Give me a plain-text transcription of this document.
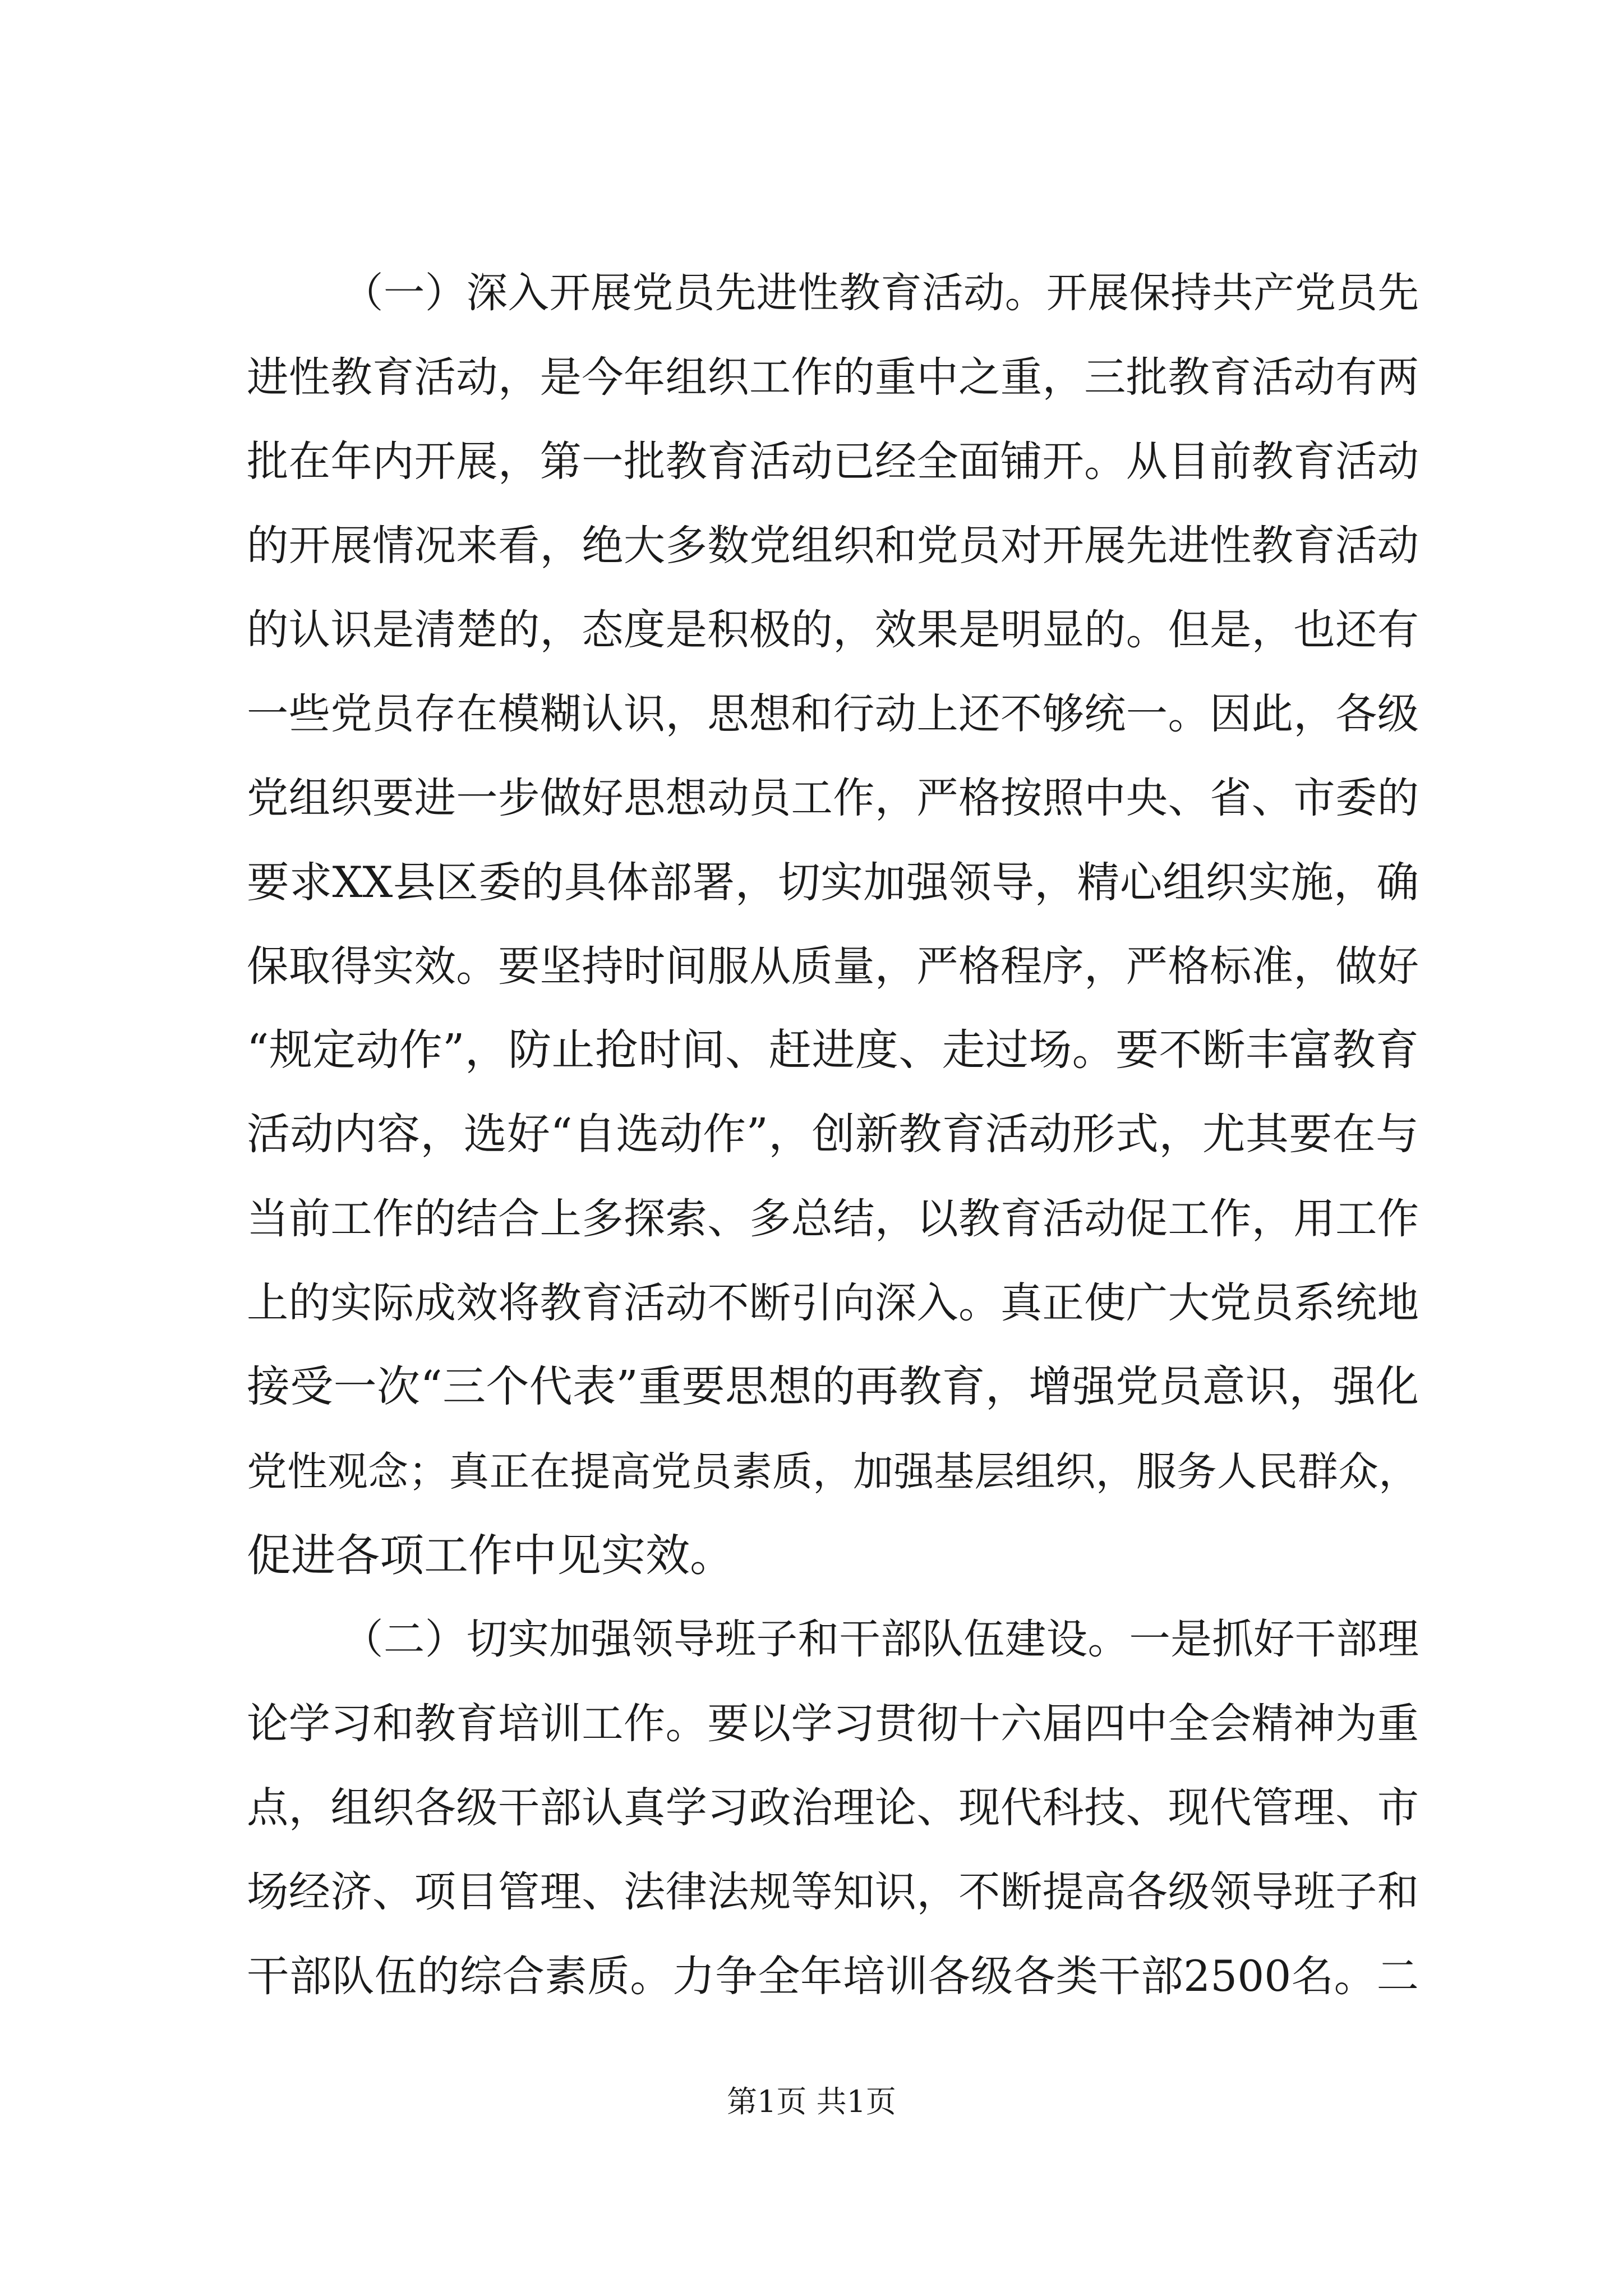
（一）深入开展党员先进性教育活动。开展保持共产党员先
进性教育活动，是今年组织工作的重中之重，三批教育活动有两
批在年内开展，第一批教育活动已经全面铺开。从目前教育活动
的开展情况来看，绝大多数党组织和党员对开展先进性教育活动
的认识是清楚的，态度是积极的，效果是明显的。但是，也还有
一些党员存在模糊认识，思想和行动上还不够统一。因此，各级
党组织要进一步做好思想动员工作，严格按照中央、省、市委的
要求XX县区委的具体部署，切实加强领导，精心组织实施，确
保取得实效。要坚持时间服从质量，严格程序，严格标准，做好
“规定动作”，防止抢时间、赶进度、走过场。要不断丰富教育
活动内容，选好“自选动作”，创新教育活动形式，尤其要在与
当前工作的结合上多探索、多总结，以教育活动促工作，用工作
上的实际成效将教育活动不断引向深入。真正使广大党员系统地
接受一次“三个代表”重要思想的再教育，增强党员意识，强化
党性观念；真正在提高党员素质，加强基层组织，服务人民群众，
促进各项工作中见实效。
（二）切实加强领导班子和干部队伍建设。一是抓好干部理
论学习和教育培训工作。要以学习贯彻十六届四中全会精神为重
点，组织各级干部认真学习政治理论、现代科技、现代管理、市
场经济、项目管理、法律法规等知识，不断提高各级领导班子和
干部队伍的综合素质。力争全年培训各级各类干部2500名。二
第1页 共1页
